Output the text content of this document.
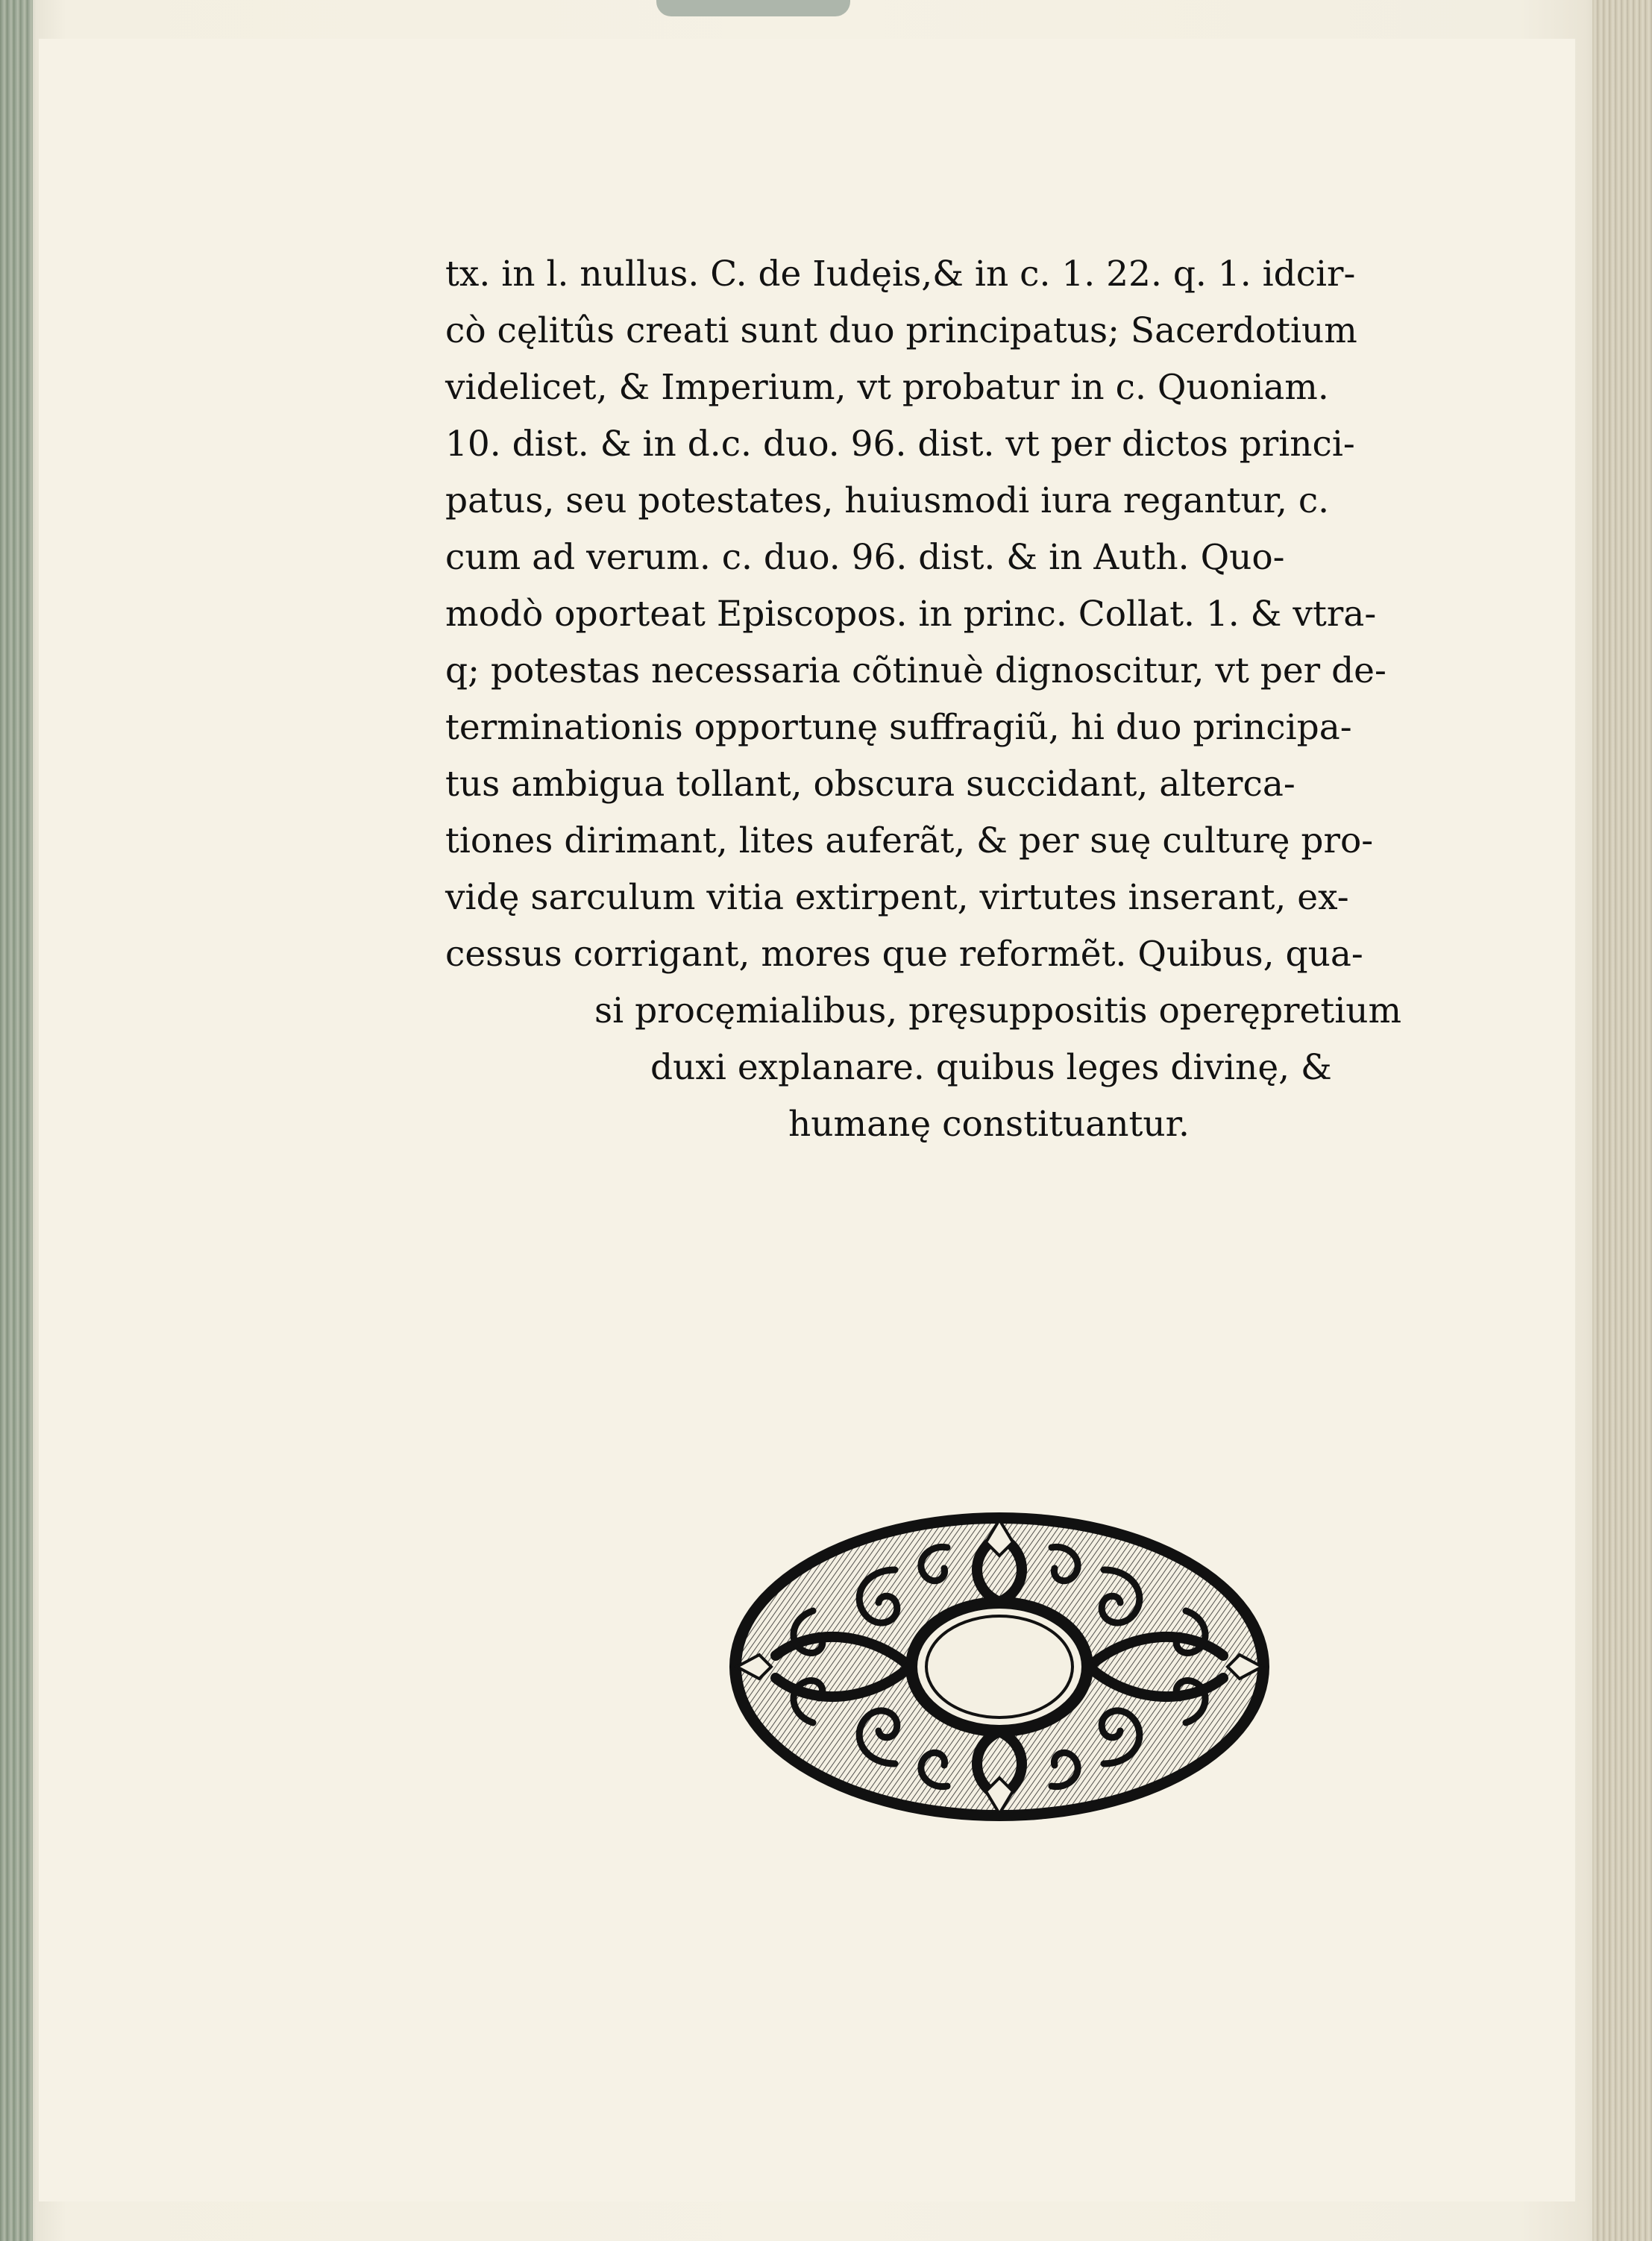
tx. in l. nullus. C. de Iudęis,& in c. 1. 22. q. 1. idcir-
cò cęlitûs creati sunt duo principatus; Sacerdotium
videlicet, & Imperium, vt probatur in c. Quoniam.
10. dist. & in d.c. duo. 96. dist. vt per dictos princi-
patus, seu potestates, huiusmodi iura regantur, c.
cum ad verum. c. duo. 96. dist. & in Auth. Quo-
modò oporteat Episcopos. in princ. Collat. 1. & vtra-
q; potestas necessaria cõtinuè dignoscitur, vt per de-
terminationis opportunę suffragiũ, hi duo principa-
tus ambigua tollant, obscura succidant, alterca-
tiones dirimant, lites auferãt, & per suę culturę pro-
vidę sarculum vitia extirpent, virtutes inserant, ex-
cessus corrigant, mores que reformẽt. Quibus, qua-
si procęmialibus, pręsuppositis operępretium
duxi explanare. quibus leges divinę, &
humanę constituantur.
